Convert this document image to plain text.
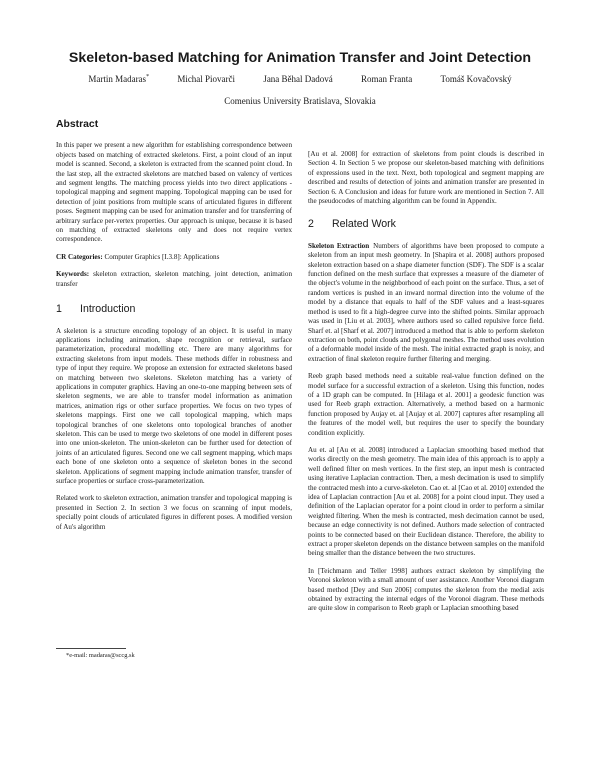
Skeleton-based Matching for Animation Transfer and Joint Detection
Martin Madaras*	Michal Piovarči	Jana Běhal Dadová	Roman Franta	Tomáš Kovačovský
Comenius University Bratislava, Slovakia
Abstract

In this paper we present a new algorithm for establishing correspondence between objects based on matching of extracted skeletons. First, a point cloud of an input model is scanned. Second, a skeleton is extracted from the scanned point cloud. In the last step, all the extracted skeletons are matched based on valency of vertices and segment lengths. The matching process yields into two direct applications - topological mapping and segment mapping. Topological mapping can be used for detection of joint positions from multiple scans of articulated figures in different poses. Segment mapping can be used for animation transfer and for transferring of arbitrary surface per-vertex properties. Our approach is unique, because it is based on matching of extracted skeletons only and does not require vertex correspondence.

CR Categories: Computer Graphics [I.3.8]: Applications
Keywords: skeleton extraction, skeleton matching, joint detection, animation transfer
1 Introduction

A skeleton is a structure encoding topology of an object. It is useful in many applications including animation, shape recognition or retrieval, surface parameterization, procedural modelling etc. There are many algorithms for extracting skeletons from input models. These methods differ in robustness and type of input they require. We propose an extension for extracted skeletons based on matching between two skeletons. Skeleton matching has a variety of applications in computer graphics. Having an one-to-one mapping between sets of skeleton segments, we are able to transfer model information as animation matrices, animation rigs or other surface properties. We focus on two types of skeletons mappings. First one we call topological mapping, which maps topological branches of one skeletons onto topological branches of another skeleton. This can be used to merge two skeletons of one model in different poses into one union-skeleton. The union-skeleton can be further used for detection of joints of an articulated figures. Second one we call segment mapping, which maps each bone of one skeleton onto a sequence of skeleton bones in the second skeleton. Applications of segment mapping include animation transfer, transfer of surface properties or surface cross-parameterization.

Related work to skeleton extraction, animation transfer and topological mapping is presented in Section 2. In section 3 we focus on scanning of input models, specially point clouds of articulated figures in different poses. A modified version of Au's algorithm

*e-mail: madaras@sccg.sk

[Au et al. 2008] for extraction of skeletons from point clouds is described in Section 4. In Section 5 we propose our skeleton-based matching with definitions of expressions used in the text. Next, both topological and segment mapping are described and results of detection of joints and animation transfer are presented in Section 6. A Conclusion and ideas for future work are mentioned in Section 7. All the pseudocodes of matching algorithm can be found in Appendix.

2 Related Work

Skeleton Extraction Numbers of algorithms have been proposed to compute a skeleton from an input mesh geometry. In [Shapira et al. 2008] authors proposed skeleton extraction based on a shape diameter function (SDF). The SDF is a scalar function defined on the mesh surface that expresses a measure of the diameter of the object's volume in the neighborhood of each point on the surface. Thus, a set of random vertices is pushed in an inward normal direction into the volume of the model by a distance that equals to half of the SDF values and a least-squares method is used to fit a high-degree curve into the shifted points. Similar approach was used in [Liu et al. 2003], where authors used so called repulsive force field. Sharf et. al [Sharf et al. 2007] introduced a method that is able to perform skeleton extraction on both, point clouds and polygonal meshes. The method uses evolution of a deformable model inside of the mesh. The initial extracted graph is noisy, and extraction of final skeleton require further filtering and merging.

Reeb graph based methods need a suitable real-value function defined on the model surface for a successful extraction of a skeleton. Using this function, nodes of a 1D graph can be computed. In [Hilaga et al. 2001] a geodesic function was used for Reeb graph extraction. Alternatively, a method based on a harmonic function proposed by Aujay et. al [Aujay et al. 2007] captures after resampling all the features of the model well, but requires the user to specify the boundary condition explicitly.

Au et. al [Au et al. 2008] introduced a Laplacian smoothing based method that works directly on the mesh geometry. The main idea of this approach is to apply a well defined filter on mesh vertices. In the first step, an input mesh is contracted using iterative Laplacian contraction. Then, a mesh decimation is used to simplify the contracted mesh into a curve-skeleton. Cao et. al [Cao et al. 2010] extended the idea of Laplacian contraction [Au et al. 2008] for a point cloud input. They used a definition of the Laplacian operator for a point cloud in order to perform a similar weighted filtering. When the mesh is contracted, mesh decimation cannot be used, because an edge connectivity is not defined. Authors made selection of contracted points to be connected based on their Euclidean distance. Therefore, the ability to extract a proper skeleton depends on the distance between samples on the manifold being smaller than the distance between the two structures.

In [Teichmann and Teller 1998] authors extract skeleton by simplifying the Voronoi skeleton with a small amount of user assistance. Another Voronoi diagram based method [Dey and Sun 2006] computes the skeleton from the medial axis obtained by extracting the internal edges of the Voronoi diagram. These methods are quite slow in comparison to Reeb graph or Laplacian smoothing based
